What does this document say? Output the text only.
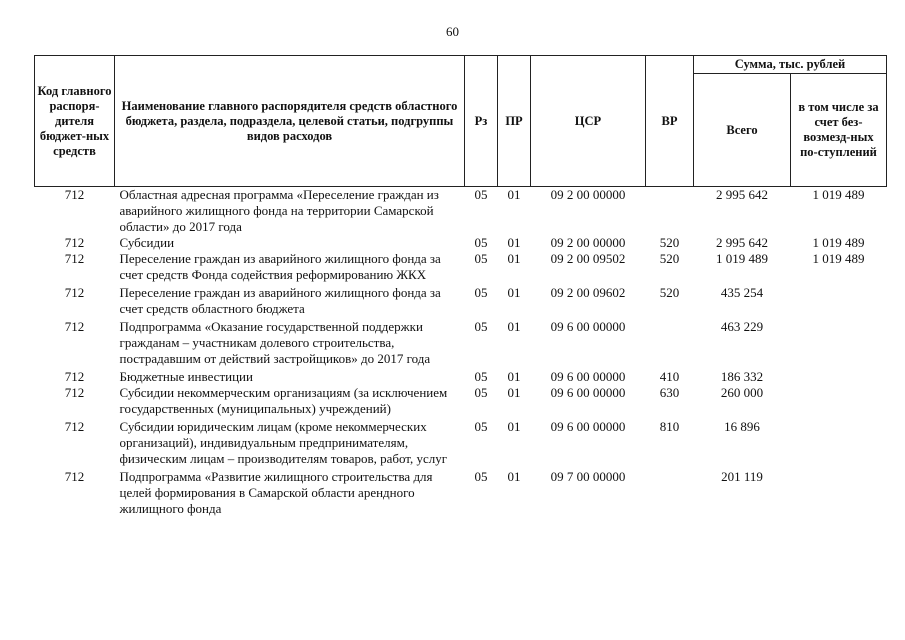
60
Код главного распоря-дителя бюджет-ных средств	Наименование главного распорядителя средств областного бюджета, раздела, подраздела, целевой статьи, подгруппы видов расходов	Рз	ПР	ЦСР	ВР	Сумма, тыс. рублей	
						Всего	в том числе за счет без-возмезд-ных по-ступлений
712	Областная адресная программа «Переселение граждан из аварийного жилищного фонда на территории Самарской области» до 2017 года	05	01	09 2 00 00000		2 995 642	1 019 489
712	Субсидии	05	01	09 2 00 00000	520	2 995 642	1 019 489
712	Переселение граждан из аварийного жилищного фонда за счет средств Фонда содействия реформированию ЖКХ	05	01	09 2 00 09502	520	1 019 489	1 019 489
712	Переселение граждан из аварийного жилищного фонда за счет средств областного бюджета	05	01	09 2 00 09602	520	435 254	
712	Подпрограмма «Оказание государственной поддержки гражданам – участникам долевого строительства, пострадавшим от действий застройщиков» до 2017 года	05	01	09 6 00 00000		463 229	
712	Бюджетные инвестиции	05	01	09 6 00 00000	410	186 332	
712	Субсидии некоммерческим организациям (за исключением государственных (муниципальных) учреждений)	05	01	09 6 00 00000	630	260 000	
712	Субсидии юридическим лицам (кроме некоммерческих организаций), индивидуальным предпринимателям, физическим лицам – производителям товаров, работ, услуг	05	01	09 6 00 00000	810	16 896	
712	Подпрограмма «Развитие жилищного строительства для целей формирования в Самарской области арендного жилищного фонда	05	01	09 7 00 00000		201 119	
